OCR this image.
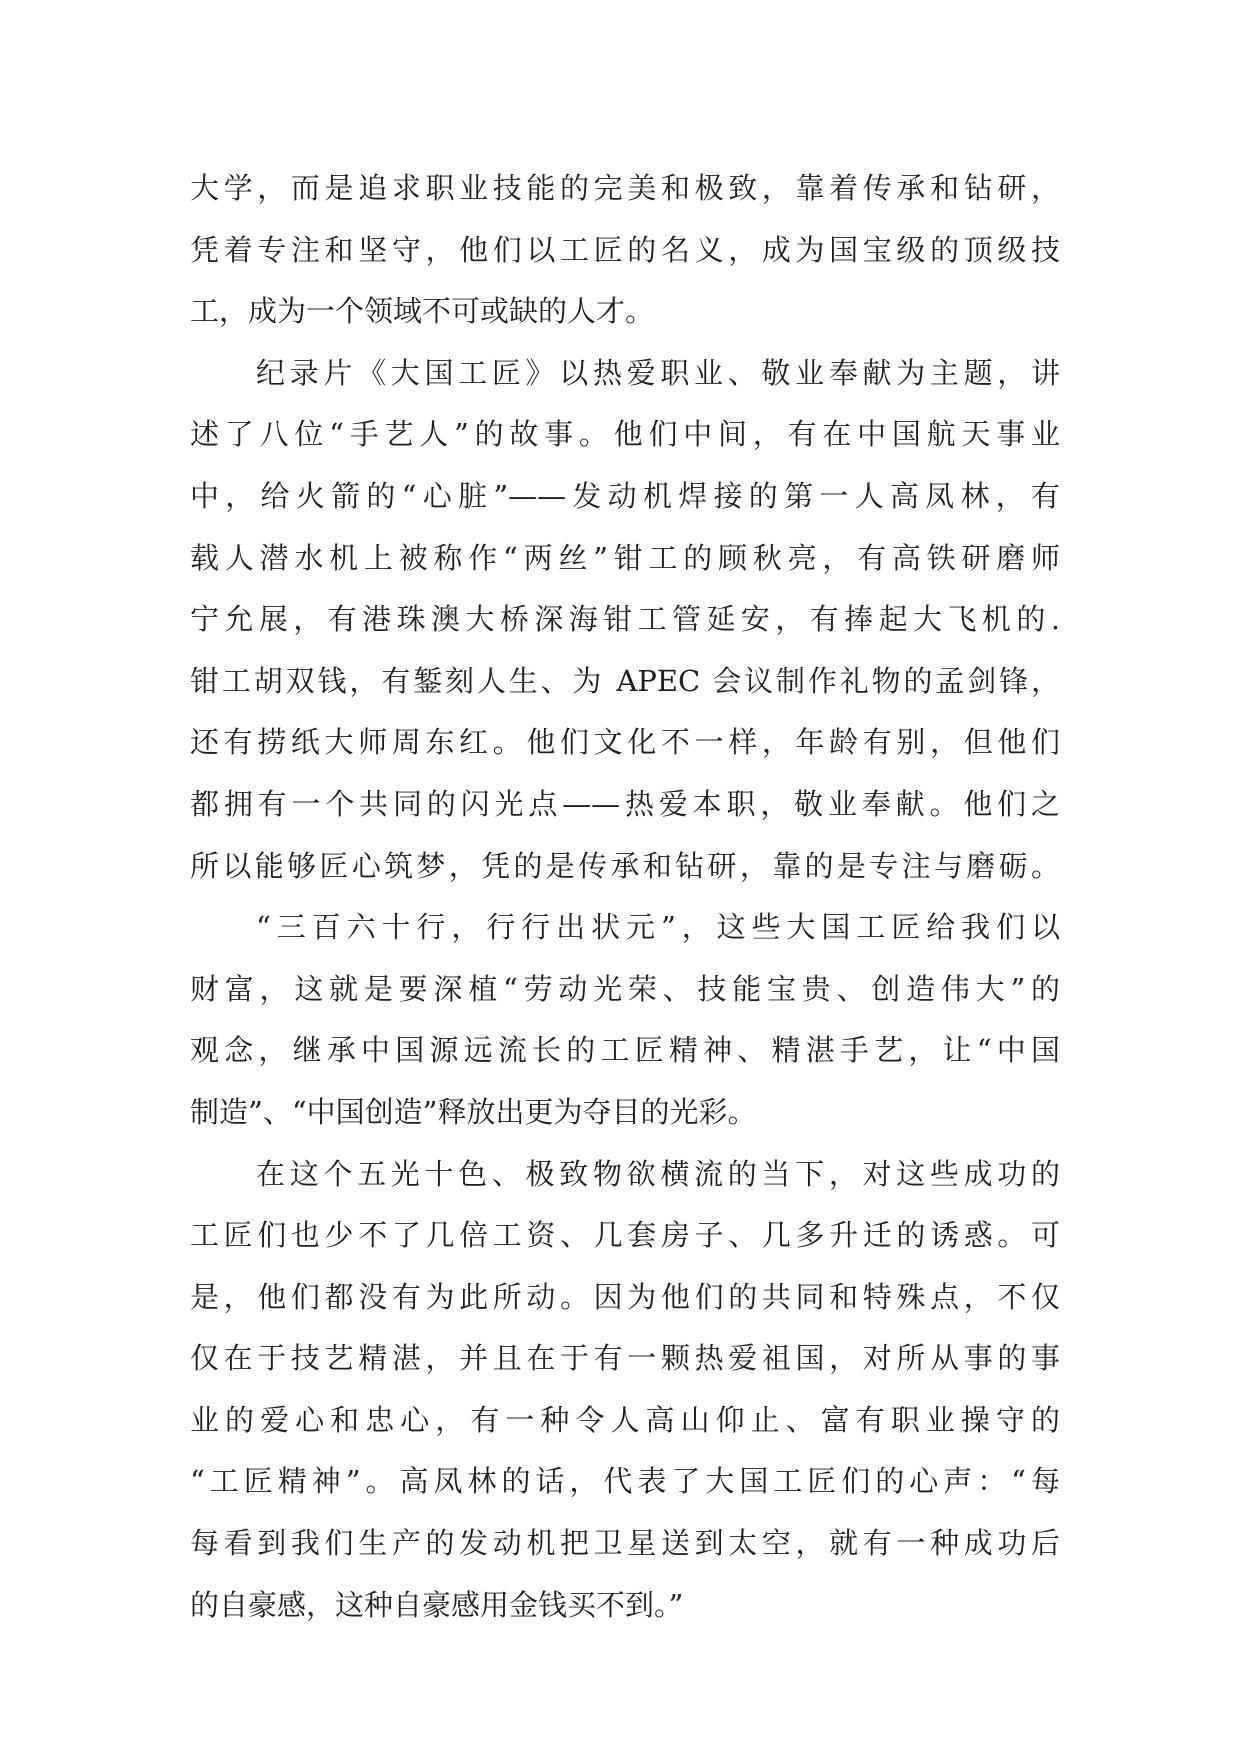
大学，而是追求职业技能的完美和极致，靠着传承和钻研，
凭着专注和坚守，他们以工匠的名义，成为国宝级的顶级技
工，成为一个领域不可或缺的人才。
纪录片《大国工匠》以热爱职业、敬业奉献为主题，讲
述了八位“手艺人”的故事。他们中间，有在中国航天事业
中，给火箭的“心脏”——发动机焊接的第一人高凤林，有
载人潜水机上被称作“两丝”钳工的顾秋亮，有高铁研磨师
宁允展，有港珠澳大桥深海钳工管延安，有捧起大飞机的.
钳工胡双钱，有錾刻人生、为 APEC 会议制作礼物的孟剑锋，
还有捞纸大师周东红。他们文化不一样，年龄有别，但他们
都拥有一个共同的闪光点——热爱本职，敬业奉献。他们之
所以能够匠心筑梦，凭的是传承和钻研，靠的是专注与磨砺。
“三百六十行，行行出状元”，这些大国工匠给我们以
财富，这就是要深植“劳动光荣、技能宝贵、创造伟大”的
观念，继承中国源远流长的工匠精神、精湛手艺，让“中国
制造”、“中国创造”释放出更为夺目的光彩。
在这个五光十色、极致物欲横流的当下，对这些成功的
工匠们也少不了几倍工资、几套房子、几多升迁的诱惑。可
是，他们都没有为此所动。因为他们的共同和特殊点，不仅
仅在于技艺精湛，并且在于有一颗热爱祖国，对所从事的事
业的爱心和忠心，有一种令人高山仰止、富有职业操守的
“工匠精神”。高凤林的话，代表了大国工匠们的心声：“每
每看到我们生产的发动机把卫星送到太空，就有一种成功后
的自豪感，这种自豪感用金钱买不到。”
